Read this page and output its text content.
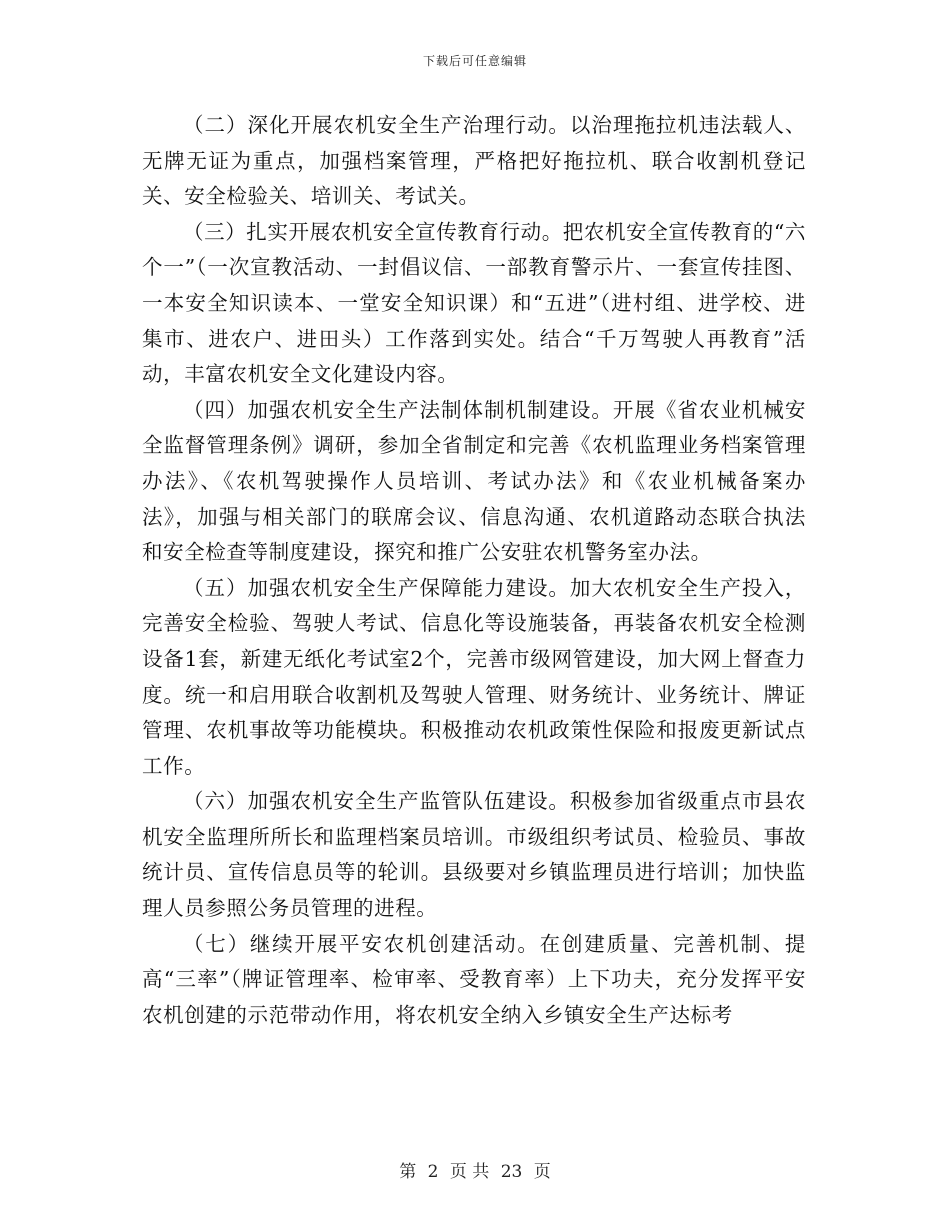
下载后可任意编辑

（二）深化开展农机安全生产治理行动。以治理拖拉机违法载人、无牌无证为重点，加强档案管理，严格把好拖拉机、联合收割机登记关、安全检验关、培训关、考试关。

（三）扎实开展农机安全宣传教育行动。把农机安全宣传教育的“六个一”（一次宣教活动、一封倡议信、一部教育警示片、一套宣传挂图、一本安全知识读本、一堂安全知识课）和“五进”（进村组、进学校、进集市、进农户、进田头）工作落到实处。结合“千万驾驶人再教育”活动，丰富农机安全文化建设内容。

（四）加强农机安全生产法制体制机制建设。开展《省农业机械安全监督管理条例》调研，参加全省制定和完善《农机监理业务档案管理办法》、《农机驾驶操作人员培训、考试办法》和《农业机械备案办法》，加强与相关部门的联席会议、信息沟通、农机道路动态联合执法和安全检查等制度建设，探究和推广公安驻农机警务室办法。

（五）加强农机安全生产保障能力建设。加大农机安全生产投入，完善安全检验、驾驶人考试、信息化等设施装备，再装备农机安全检测设备1套，新建无纸化考试室2个，完善市级网管建设，加大网上督查力度。统一和启用联合收割机及驾驶人管理、财务统计、业务统计、牌证管理、农机事故等功能模块。积极推动农机政策性保险和报废更新试点工作。

（六）加强农机安全生产监管队伍建设。积极参加省级重点市县农机安全监理所所长和监理档案员培训。市级组织考试员、检验员、事故统计员、宣传信息员等的轮训。县级要对乡镇监理员进行培训；加快监理人员参照公务员管理的进程。

（七）继续开展平安农机创建活动。在创建质量、完善机制、提高“三率”（牌证管理率、检审率、受教育率）上下功夫，充分发挥平安农机创建的示范带动作用，将农机安全纳入乡镇安全生产达标考

第 2 页 共 23 页
